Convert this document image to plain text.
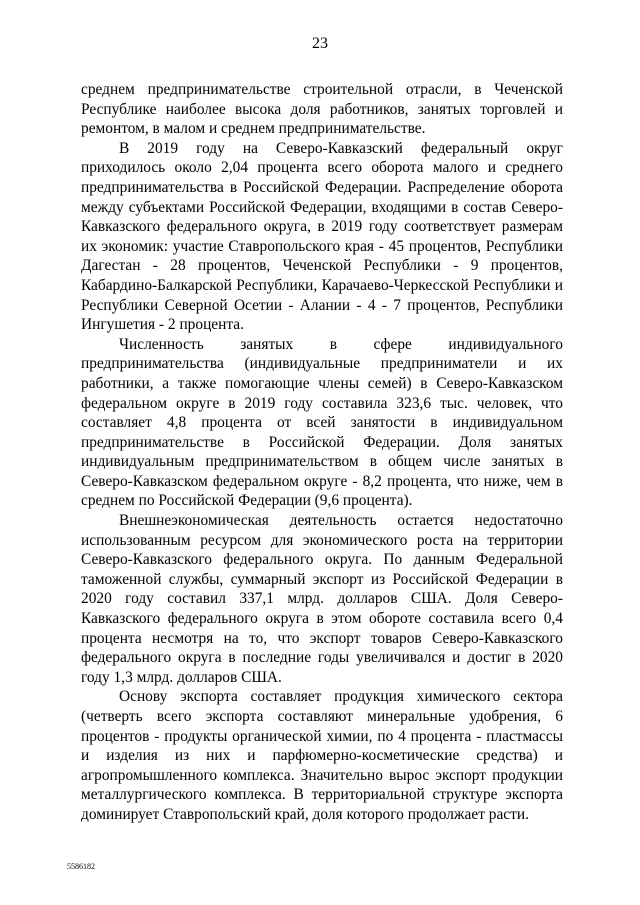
23

среднем предпринимательстве строительной отрасли, в Чеченской Республике наиболее высока доля работников, занятых торговлей и ремонтом, в малом и среднем предпринимательстве.

В 2019 году на Северо-Кавказский федеральный округ приходилось около 2,04 процента всего оборота малого и среднего предпринимательства в Российской Федерации. Распределение оборота между субъектами Российской Федерации, входящими в состав Северо-Кавказского федерального округа, в 2019 году соответствует размерам их экономик: участие Ставропольского края - 45 процентов, Республики Дагестан - 28 процентов, Чеченской Республики - 9 процентов, Кабардино-Балкарской Республики, Карачаево-Черкесской Республики и Республики Северной Осетии - Алании - 4 - 7 процентов, Республики Ингушетия - 2 процента.

Численность занятых в сфере индивидуального предпринимательства (индивидуальные предприниматели и их работники, а также помогающие члены семей) в Северо-Кавказском федеральном округе в 2019 году составила 323,6 тыс. человек, что составляет 4,8 процента от всей занятости в индивидуальном предпринимательстве в Российской Федерации. Доля занятых индивидуальным предпринимательством в общем числе занятых в Северо-Кавказском федеральном округе - 8,2 процента, что ниже, чем в среднем по Российской Федерации (9,6 процента).

Внешнеэкономическая деятельность остается недостаточно использованным ресурсом для экономического роста на территории Северо-Кавказского федерального округа. По данным Федеральной таможенной службы, суммарный экспорт из Российской Федерации в 2020 году составил 337,1 млрд. долларов США. Доля Северо-Кавказского федерального округа в этом обороте составила всего 0,4 процента несмотря на то, что экспорт товаров Северо-Кавказского федерального округа в последние годы увеличивался и достиг в 2020 году 1,3 млрд. долларов США.

Основу экспорта составляет продукция химического сектора (четверть всего экспорта составляют минеральные удобрения, 6 процентов - продукты органической химии, по 4 процента - пластмассы и изделия из них и парфюмерно-косметические средства) и агропромышленного комплекса. Значительно вырос экспорт продукции металлургического комплекса. В территориальной структуре экспорта доминирует Ставропольский край, доля которого продолжает расти.

5586182
